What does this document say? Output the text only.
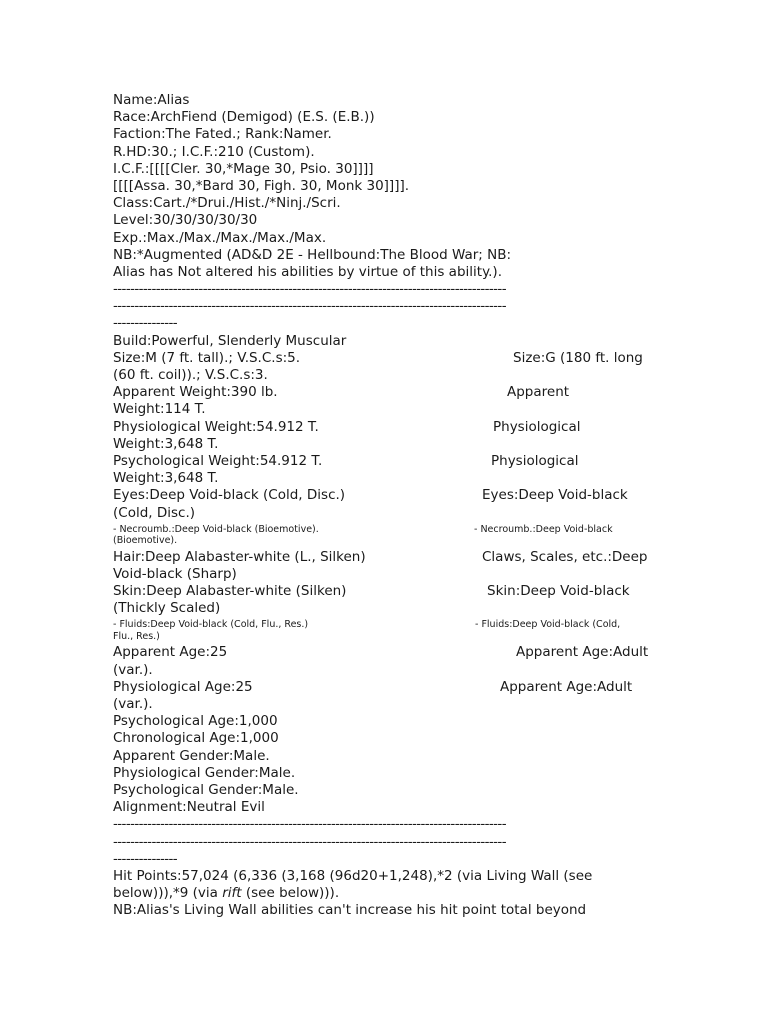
Name:Alias
Race:ArchFiend (Demigod) (E.S. (E.B.))
Faction:The Fated.; Rank:Namer.
R.HD:30.; I.C.F.:210 (Custom).
I.C.F.:[[[[Cler. 30,*Mage 30, Psio. 30]]]]
[[[[Assa. 30,*Bard 30, Figh. 30, Monk 30]]]].
Class:Cart./*Drui./Hist./*Ninj./Scri.
Level:30/30/30/30/30
Exp.:Max./Max./Max./Max./Max.
NB:*Augmented (AD&D 2E - Hellbound:The Blood War; NB:
Alias has Not altered his abilities by virtue of this ability.).
--------------------------------------------------------------------------------------------
--------------------------------------------------------------------------------------------
---------------
Build:Powerful, Slenderly Muscular
Size:M (7 ft. tall).; V.S.C.s:5.	Size:G (180 ft. long
(60 ft. coil)).; V.S.C.s:3.
Apparent Weight:390 lb.	Apparent
Weight:114 T.
Physiological Weight:54.912 T.	Physiological
Weight:3,648 T.
Psychological Weight:54.912 T.	Physiological
Weight:3,648 T.
Eyes:Deep Void-black (Cold, Disc.)	Eyes:Deep Void-black
(Cold, Disc.)
- Necroumb.:Deep Void-black (Bioemotive).	- Necroumb.:Deep Void-black
(Bioemotive).
Hair:Deep Alabaster-white (L., Silken)	Claws, Scales, etc.:Deep
Void-black (Sharp)
Skin:Deep Alabaster-white (Silken)	Skin:Deep Void-black
(Thickly Scaled)
- Fluids:Deep Void-black (Cold, Flu., Res.)	- Fluids:Deep Void-black (Cold,
Flu., Res.)
Apparent Age:25	Apparent Age:Adult
(var.).
Physiological Age:25	Apparent Age:Adult
(var.).
Psychological Age:1,000
Chronological Age:1,000
Apparent Gender:Male.
Physiological Gender:Male.
Psychological Gender:Male.
Alignment:Neutral Evil
--------------------------------------------------------------------------------------------
--------------------------------------------------------------------------------------------
---------------
Hit Points:57,024 (6,336 (3,168 (96d20+1,248),*2 (via Living Wall (see
below))),*9 (via rift (see below))).
NB:Alias's Living Wall abilities can't increase his hit point total beyond
